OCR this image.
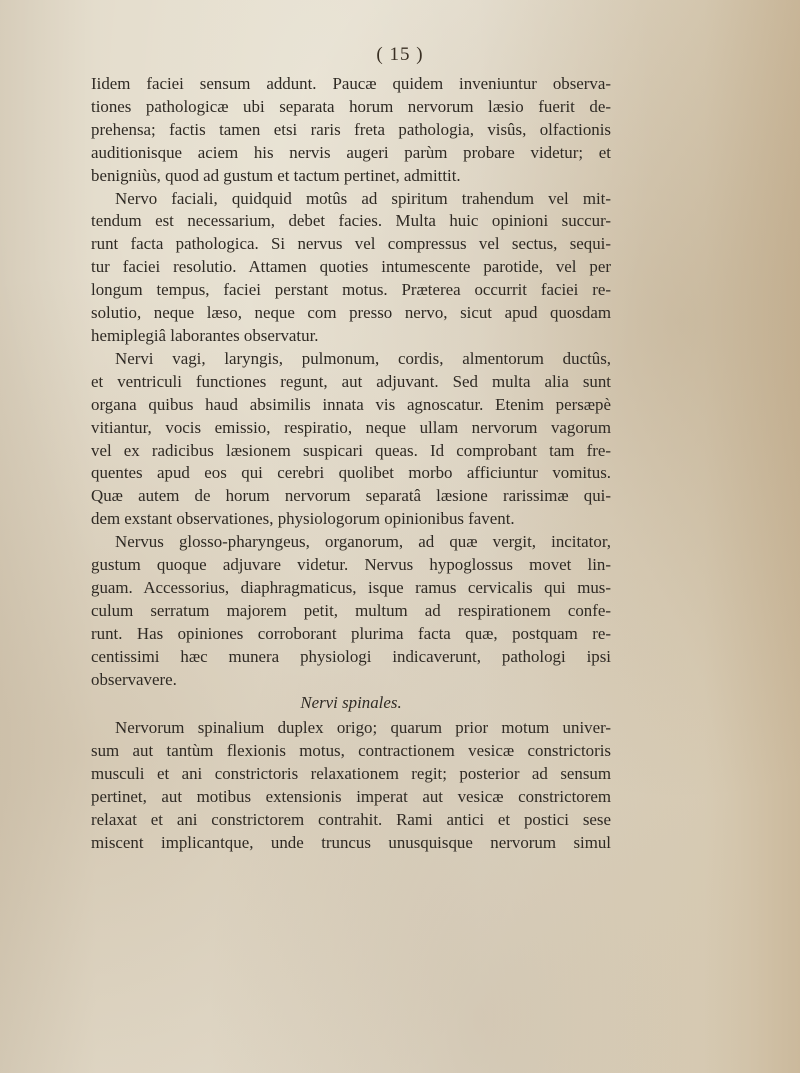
( 15 )
Iidem faciei sensum addunt. Paucæ quidem inveniuntur observa-
tiones pathologicæ ubi separata horum nervorum læsio fuerit de-
prehensa; factis tamen etsi raris freta pathologia, visûs, olfactionis
auditionisque aciem his nervis augeri parùm probare videtur; et
benigniùs, quod ad gustum et tactum pertinet, admittit.
Nervo faciali, quidquid motûs ad spiritum trahendum vel mit-
tendum est necessarium, debet facies. Multa huic opinioni succur-
runt facta pathologica. Si nervus vel compressus vel sectus, sequi-
tur faciei resolutio. Attamen quoties intumescente parotide, vel per
longum tempus, faciei perstant motus. Præterea occurrit faciei re-
solutio, neque læso, neque com presso nervo, sicut apud quosdam
hemiplegiâ laborantes observatur.
Nervi vagi, laryngis, pulmonum, cordis, almentorum ductûs,
et ventriculi functiones regunt, aut adjuvant. Sed multa alia sunt
organa quibus haud absimilis innata vis agnoscatur. Etenim persæpè
vitiantur, vocis emissio, respiratio, neque ullam nervorum vagorum
vel ex radicibus læsionem suspicari queas. Id comprobant tam fre-
quentes apud eos qui cerebri quolibet morbo afficiuntur vomitus.
Quæ autem de horum nervorum separatâ læsione rarissimæ qui-
dem exstant observationes, physiologorum opinionibus favent.
Nervus glosso-pharyngeus, organorum, ad quæ vergit, incitator,
gustum quoque adjuvare videtur. Nervus hypoglossus movet lin-
guam. Accessorius, diaphragmaticus, isque ramus cervicalis qui mus-
culum serratum majorem petit, multum ad respirationem confe-
runt. Has opiniones corroborant plurima facta quæ, postquam re-
centissimi hæc munera physiologi indicaverunt, pathologi ipsi
observavere.
Nervi spinales.
Nervorum spinalium duplex origo; quarum prior motum univer-
sum aut tantùm flexionis motus, contractionem vesicæ constrictoris
musculi et ani constrictoris relaxationem regit; posterior ad sensum
pertinet, aut motibus extensionis imperat aut vesicæ constrictorem
relaxat et ani constrictorem contrahit. Rami antici et postici sese
miscent implicantque, unde truncus unusquisque nervorum simul
